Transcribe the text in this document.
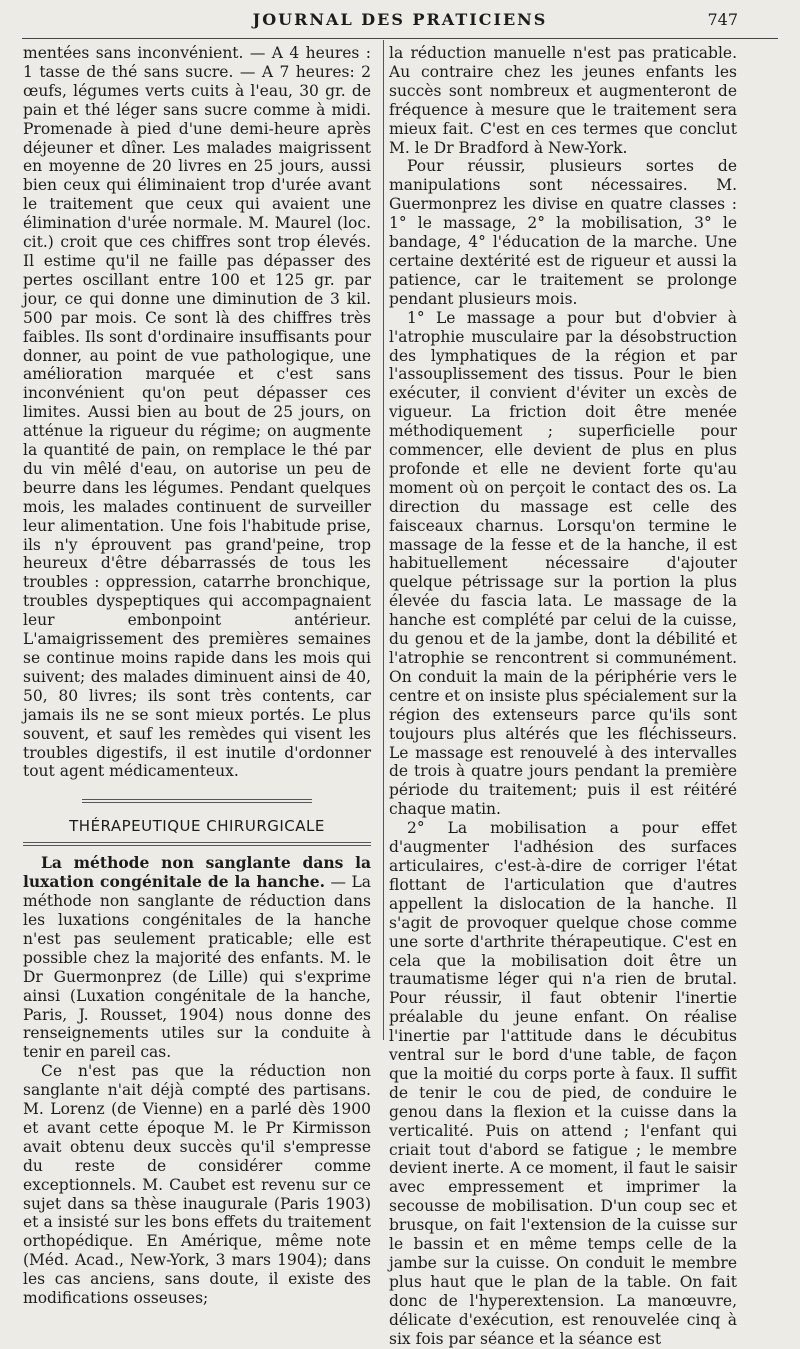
JOURNAL DES PRATICIENS	747

mentées sans inconvénient. — A 4 heures : 1 tasse de thé sans sucre. — A 7 heures: 2 œufs, légumes verts cuits à l'eau, 30 gr. de pain et thé léger sans sucre comme à midi. Promenade à pied d'une demi-heure après déjeuner et dîner. Les malades maigrissent en moyenne de 20 livres en 25 jours, aussi bien ceux qui éliminaient trop d'urée avant le traitement que ceux qui avaient une élimination d'urée normale. M. Maurel (loc. cit.) croit que ces chiffres sont trop élevés. Il estime qu'il ne faille pas dépasser des pertes oscillant entre 100 et 125 gr. par jour, ce qui donne une diminution de 3 kil. 500 par mois. Ce sont là des chiffres très faibles. Ils sont d'ordinaire insuffisants pour donner, au point de vue pathologique, une amélioration marquée et c'est sans inconvénient qu'on peut dépasser ces limites. Aussi bien au bout de 25 jours, on atténue la rigueur du régime; on augmente la quantité de pain, on remplace le thé par du vin mêlé d'eau, on autorise un peu de beurre dans les légumes. Pendant quelques mois, les malades continuent de surveiller leur alimentation. Une fois l'habitude prise, ils n'y éprouvent pas grand'peine, trop heureux d'être débarrassés de tous les troubles : oppression, catarrhe bronchique, troubles dyspeptiques qui accompagnaient leur embonpoint antérieur. L'amaigrissement des premières semaines se continue moins rapide dans les mois qui suivent; des malades diminuent ainsi de 40, 50, 80 livres; ils sont très contents, car jamais ils ne se sont mieux portés. Le plus souvent, et sauf les remèdes qui visent les troubles digestifs, il est inutile d'ordonner tout agent médicamenteux.

THÉRAPEUTIQUE CHIRURGICALE

La méthode non sanglante dans la luxation congénitale de la hanche. — La méthode non sanglante de réduction dans les luxations congénitales de la hanche n'est pas seulement praticable; elle est possible chez la majorité des enfants. M. le Dr Guermonprez (de Lille) qui s'exprime ainsi (Luxation congénitale de la hanche, Paris, J. Rousset, 1904) nous donne des renseignements utiles sur la conduite à tenir en pareil cas.

Ce n'est pas que la réduction non sanglante n'ait déjà compté des partisans. M. Lorenz (de Vienne) en a parlé dès 1900 et avant cette époque M. le Pr Kirmisson avait obtenu deux succès qu'il s'empresse du reste de considérer comme exceptionnels. M. Caubet est revenu sur ce sujet dans sa thèse inaugurale (Paris 1903) et a insisté sur les bons effets du traitement orthopédique. En Amérique, même note (Méd. Acad., New-York, 3 mars 1904); dans les cas anciens, sans doute, il existe des modifications osseuses;

la réduction manuelle n'est pas praticable. Au contraire chez les jeunes enfants les succès sont nombreux et augmenteront de fréquence à mesure que le traitement sera mieux fait. C'est en ces termes que conclut M. le Dr Bradford à New-York.

Pour réussir, plusieurs sortes de manipulations sont nécessaires. M. Guermonprez les divise en quatre classes : 1° le massage, 2° la mobilisation, 3° le bandage, 4° l'éducation de la marche. Une certaine dextérité est de rigueur et aussi la patience, car le traitement se prolonge pendant plusieurs mois.

1° Le massage a pour but d'obvier à l'atrophie musculaire par la désobstruction des lymphatiques de la région et par l'assouplissement des tissus. Pour le bien exécuter, il convient d'éviter un excès de vigueur. La friction doit être menée méthodiquement ; superficielle pour commencer, elle devient de plus en plus profonde et elle ne devient forte qu'au moment où on perçoit le contact des os. La direction du massage est celle des faisceaux charnus. Lorsqu'on termine le massage de la fesse et de la hanche, il est habituellement nécessaire d'ajouter quelque pétrissage sur la portion la plus élevée du fascia lata. Le massage de la hanche est complété par celui de la cuisse, du genou et de la jambe, dont la débilité et l'atrophie se rencontrent si communément. On conduit la main de la périphérie vers le centre et on insiste plus spécialement sur la région des extenseurs parce qu'ils sont toujours plus altérés que les fléchisseurs. Le massage est renouvelé à des intervalles de trois à quatre jours pendant la première période du traitement; puis il est réitéré chaque matin.

2° La mobilisation a pour effet d'augmenter l'adhésion des surfaces articulaires, c'est-à-dire de corriger l'état flottant de l'articulation que d'autres appellent la dislocation de la hanche. Il s'agit de provoquer quelque chose comme une sorte d'arthrite thérapeutique. C'est en cela que la mobilisation doit être un traumatisme léger qui n'a rien de brutal. Pour réussir, il faut obtenir l'inertie préalable du jeune enfant. On réalise l'inertie par l'attitude dans le décubitus ventral sur le bord d'une table, de façon que la moitié du corps porte à faux. Il suffit de tenir le cou de pied, de conduire le genou dans la flexion et la cuisse dans la verticalité. Puis on attend ; l'enfant qui criait tout d'abord se fatigue ; le membre devient inerte. A ce moment, il faut le saisir avec empressement et imprimer la secousse de mobilisation. D'un coup sec et brusque, on fait l'extension de la cuisse sur le bassin et en même temps celle de la jambe sur la cuisse. On conduit le membre plus haut que le plan de la table. On fait donc de l'hyperextension. La manœuvre, délicate d'exécution, est renouvelée cinq à six fois par séance et la séance est
